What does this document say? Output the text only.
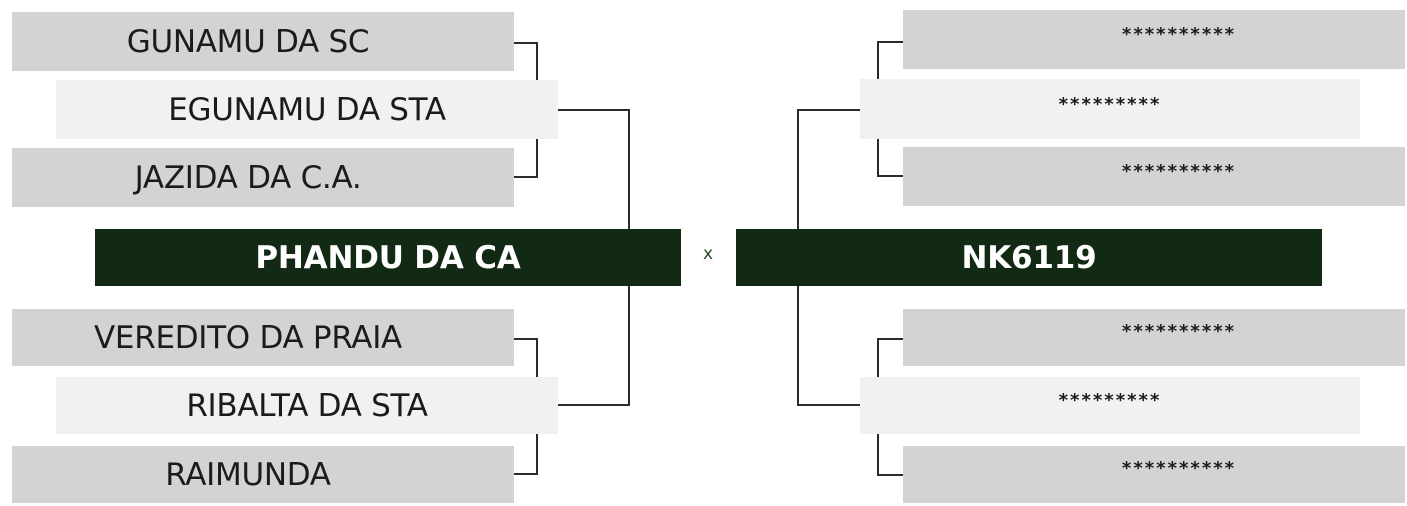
GUNAMU DA SC
EGUNAMU DA STA
JAZIDA DA C.A.
PHANDU DA CA
VEREDITO DA PRAIA
RIBALTA DA STA
RAIMUNDA
x	NK6119
**********
*********
**********
**********
*********
**********
